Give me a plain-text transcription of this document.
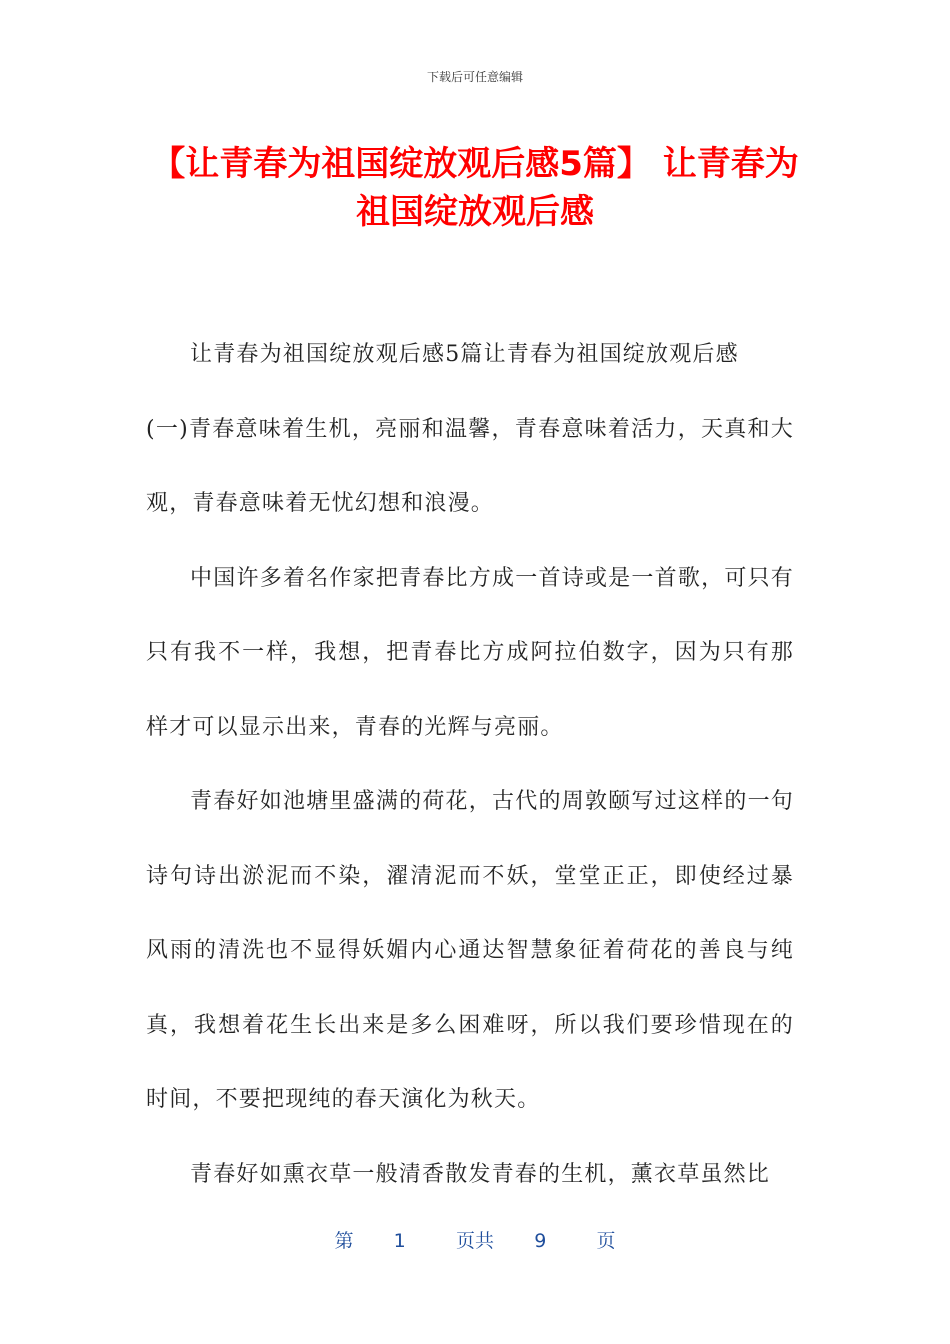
下载后可任意编辑
【让青春为祖国绽放观后感5篇】 让青春为祖国绽放观后感

让青春为祖国绽放观后感5篇让青春为祖国绽放观后感

(一)青春意味着生机，亮丽和温馨，青春意味着活力，天真和大观，青春意味着无忧幻想和浪漫。

中国许多着名作家把青春比方成一首诗或是一首歌，可只有只有我不一样，我想，把青春比方成阿拉伯数字，因为只有那样才可以显示出来，青春的光辉与亮丽。

青春好如池塘里盛满的荷花，古代的周敦颐写过这样的一句诗句诗出淤泥而不染，濯清泥而不妖，堂堂正正，即使经过暴风雨的清洗也不显得妖媚内心通达智慧象征着荷花的善良与纯真，我想着花生长出来是多么困难呀，所以我们要珍惜现在的时间，不要把现纯的春天演化为秋天。

青春好如熏衣草一般清香散发青春的生机，薰衣草虽然比

第 1	页共 9	页
